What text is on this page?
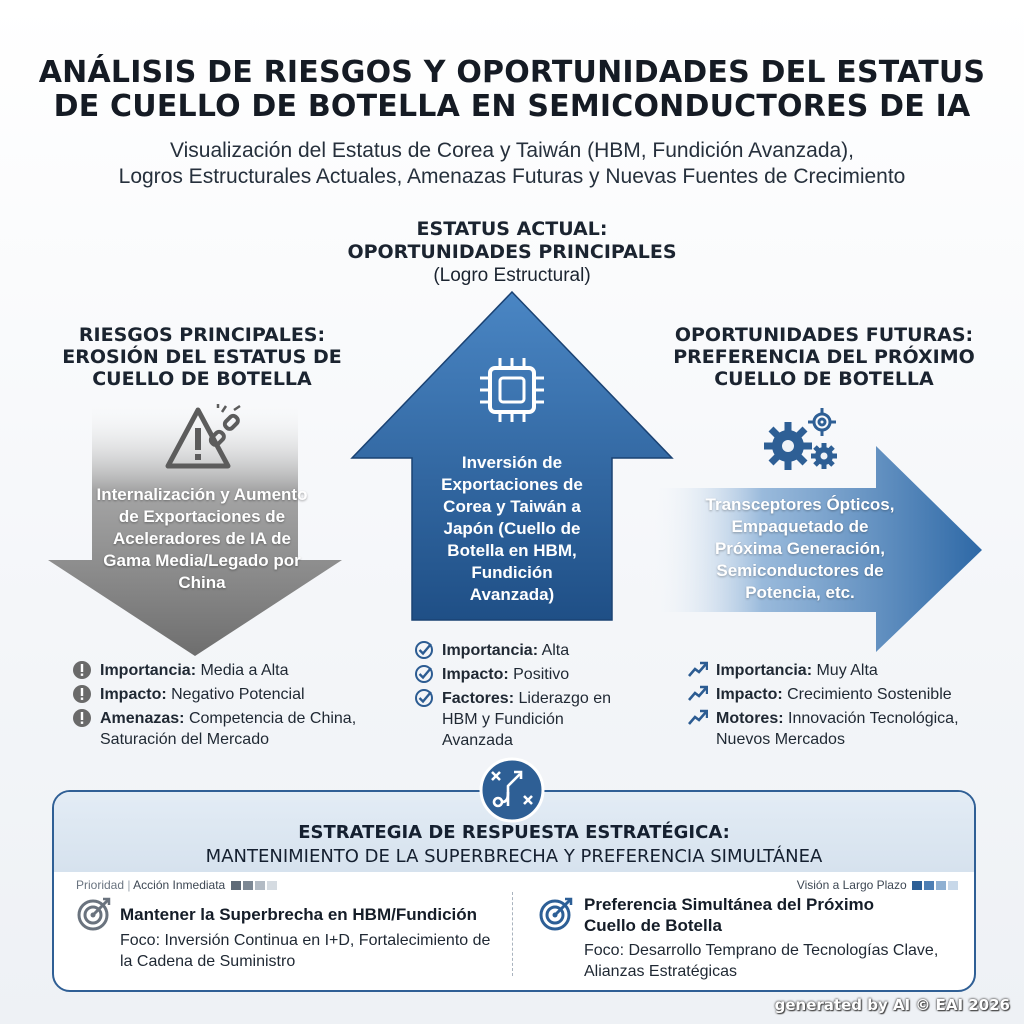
ANÁLISIS DE RIESGOS Y OPORTUNIDADES DEL ESTATUS
DE CUELLO DE BOTELLA EN SEMICONDUCTORES DE IA
Visualización del Estatus de Corea y Taiwán (HBM, Fundición Avanzada),
Logros Estructurales Actuales, Amenazas Futuras y Nuevas Fuentes de Crecimiento
ESTATUS ACTUAL:
OPORTUNIDADES PRINCIPALES
(Logro Estructural)
RIESGOS PRINCIPALES:
EROSIÓN DEL ESTATUS DE
CUELLO DE BOTELLA
OPORTUNIDADES FUTURAS:
PREFERENCIA DEL PRÓXIMO
CUELLO DE BOTELLA
Internalización y Aumento de Exportaciones de Aceleradores de IA de Gama Media/Legado por China
Inversión de Exportaciones de Corea y Taiwán a Japón (Cuello de Botella en HBM, Fundición Avanzada)
Transceptores Ópticos, Empaquetado de Próxima Generación, Semiconductores de Potencia, etc.
Importancia: Media a Alta
Impacto: Negativo Potencial
Amenazas: Competencia de China, Saturación del Mercado
Importancia: Alta
Impacto: Positivo
Factores: Liderazgo en HBM y Fundición Avanzada
Importancia: Muy Alta
Impacto: Crecimiento Sostenible
Motores: Innovación Tecnológica, Nuevos Mercados
ESTRATEGIA DE RESPUESTA ESTRATÉGICA:
MANTENIMIENTO DE LA SUPERBRECHA Y PREFERENCIA SIMULTÁNEA
Prioridad | Acción Inmediata	Visión a Largo Plazo
Mantener la Superbrecha en HBM/Fundición
Foco: Inversión Continua en I+D, Fortalecimiento de la Cadena de Suministro
Preferencia Simultánea del Próximo Cuello de Botella
Foco: Desarrollo Temprano de Tecnologías Clave, Alianzas Estratégicas
generated by AI © EAI 2026
